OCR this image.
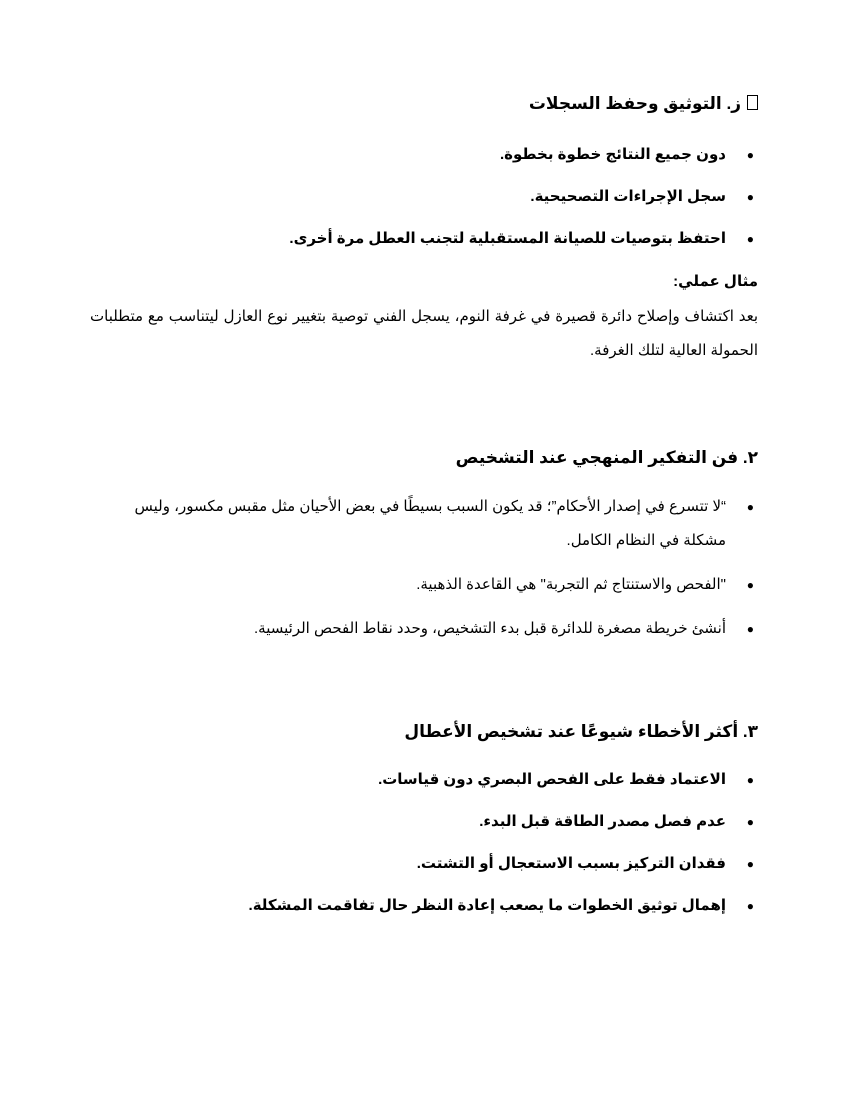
ز. التوثيق وحفظ السجلات
●
دون جميع النتائج خطوة بخطوة.
●
سجل الإجراءات التصحيحية.
●
احتفظ بتوصيات للصيانة المستقبلية لتجنب العطل مرة أخرى.
مثال عملي:
بعد اكتشاف وإصلاح دائرة قصيرة في غرفة النوم، يسجل الفني توصية بتغيير نوع العازل ليتناسب مع متطلبات الحمولة العالية لتلك الغرفة.
٢. فن التفكير المنهجي عند التشخيص
●
“لا تتسرع في إصدار الأحكام”؛ قد يكون السبب بسيطًا في بعض الأحيان مثل مقبس مكسور، وليس مشكلة في النظام الكامل.
●
"الفحص والاستنتاج ثم التجربة" هي القاعدة الذهبية.
●
أنشئ خريطة مصغرة للدائرة قبل بدء التشخيص، وحدد نقاط الفحص الرئيسية.
٣. أكثر الأخطاء شيوعًا عند تشخيص الأعطال
●
الاعتماد فقط على الفحص البصري دون قياسات.
●
عدم فصل مصدر الطاقة قبل البدء.
●
فقدان التركيز بسبب الاستعجال أو التشتت.
●
إهمال توثيق الخطوات ما يصعب إعادة النظر حال تفاقمت المشكلة.
